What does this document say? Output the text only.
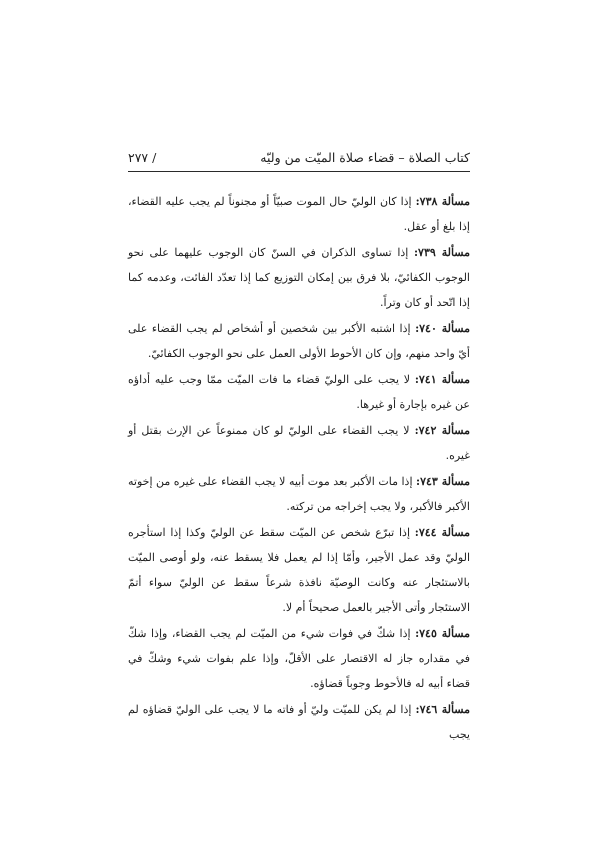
كتاب الصلاة – قضاء صلاة الميّت من وليّه
/ ٢٧٧

مسألة ٧٣٨: إذا كان الوليّ حال الموت صبيّاً أو مجنوناً لم يجب عليه القضاء، إذا بلغ أو عقل.

مسألة ٧٣٩: إذا تساوى الذكران في السنّ كان الوجوب عليهما على نحو الوجوب الكفائيّ، بلا فرق بين إمكان التوزيع كما إذا تعدّد الفائت، وعدمه كما إذا اتّحد أو كان وتراً.

مسألة ٧٤٠: إذا اشتبه الأكبر بين شخصين أو أشخاص لم يجب القضاء على أيّ واحد منهم، وإن كان الأحوط الأولى العمل على نحو الوجوب الكفائيّ.

مسألة ٧٤١: لا يجب على الوليّ قضاء ما فات الميّت ممّا وجب عليه أداؤه عن غيره بإجارة أو غيرها.

مسألة ٧٤٢: لا يجب القضاء على الوليّ لو كان ممنوعاً عن الإرث بقتل أو غيره.

مسألة ٧٤٣: إذا مات الأكبر بعد موت أبيه لا يجب القضاء على غيره من إخوته الأكبر فالأكبر، ولا يجب إخراجه من تركته.

مسألة ٧٤٤: إذا تبرّع شخص عن الميّت سقط عن الوليّ وكذا إذا استأجره الوليّ وقد عمل الأجير، وأمّا إذا لم يعمل فلا يسقط عنه، ولو أوصى الميّت بالاستئجار عنه وكانت الوصيّة نافذة شرعاً سقط عن الوليّ سواء أتمّ الاستئجار وأتى الأجير بالعمل صحيحاً أم لا.

مسألة ٧٤٥: إذا شكّ في فوات شيء من الميّت لم يجب القضاء، وإذا شكّ في مقداره جاز له الاقتصار على الأقلّ، وإذا علم بفوات شيء وشكّ في قضاء أبيه له فالأحوط وجوباً قضاؤه.

مسألة ٧٤٦: إذا لم يكن للميّت وليّ أو فاته ما لا يجب على الوليّ قضاؤه لم يجب
